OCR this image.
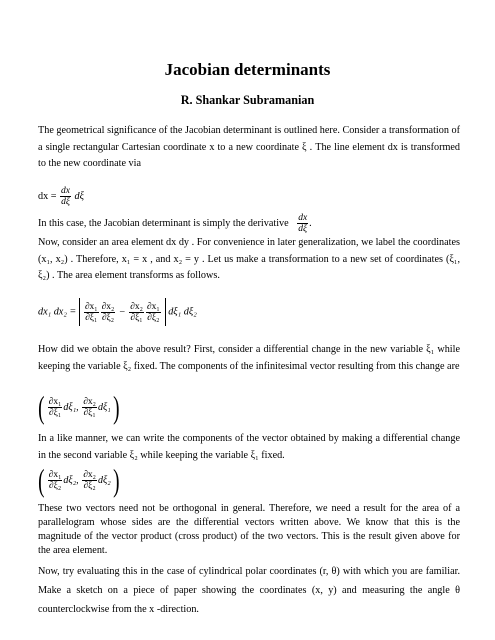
Jacobian determinants
R. Shankar Subramanian

The geometrical significance of the Jacobian determinant is outlined here. Consider a transformation of a single rectangular Cartesian coordinate x to a new coordinate ξ . The line element dx is transformed to the new coordinate via

dx = $\frac{dx}{d\xi}$ dξ
In this case, the Jacobian determinant is simply the derivative $\frac{dx}{d\xi}$ .

Now, consider an area element dx dy . For convenience in later generalization, we label the coordinates (x₁, x₂) . Therefore, x₁ = x , and x₂ = y . Let us make a transformation to a new set of coordinates (ξ₁, ξ₂) . The area element transforms as follows.

dx₁ $dx_2 = \frac{\text{∂x₁}}{\text{∂ξ₁}} \frac{\text{∂x₂}}{\text{∂ξ₂}} - \frac{\text{∂x₂}}{\text{∂ξ₁}} \frac{\text{∂x₁}}{\text{∂ξ₂}} d\xi_1$ dξ₂

How did we obtain the above result? First, consider a differential change in the new variable ξ₁ while keeping the variable ξ₂ fixed. The components of the infinitesimal vector resulting from this change are

( $\frac{\text{∂x₁}}{\text{∂ξ₁}} d\xi_1$,
$\frac{\text{∂x₂}}{\text{∂ξ₁}} d\xi_1$ )

In a like manner, we can write the components of the vector obtained by making a differential change in the second variable ξ₂ while keeping the variable ξ₁ fixed.

( $\frac{\text{∂x₁}}{\text{∂ξ₂}} d\xi_2$,
$\frac{\text{∂x₂}}{\text{∂ξ₂}} d\xi_2$ )

These two vectors need not be orthogonal in general. Therefore, we need a result for the area of a parallelogram whose sides are the differential vectors written above. We know that this is the magnitude of the vector product (cross product) of the two vectors. This is the result given above for the area element.

Now, try evaluating this in the case of cylindrical polar coordinates (r, θ) with which you are familiar. Make a sketch on a piece of paper showing the coordinates (x, y) and measuring the angle θ counterclockwise from the x -direction.
